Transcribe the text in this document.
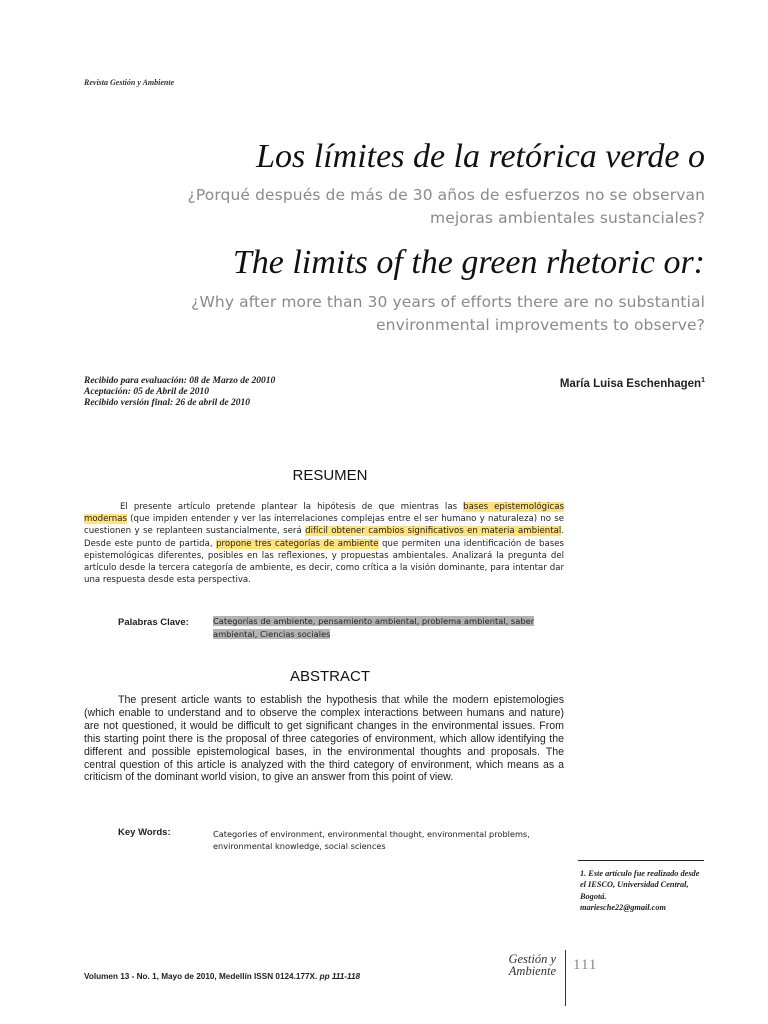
Revista Gestión y Ambiente
Los límites de la retórica verde o
¿Porqué después de más de 30 años de esfuerzos no se observan
mejoras ambientales sustanciales?
The limits of the green rhetoric or:
¿Why after more than 30 years of efforts there are no substantial
environmental improvements to observe?
Recibido para evaluación: 08 de Marzo de 20010
Aceptación: 05 de Abril de 2010
Recibido versión final: 26 de abril de 2010
María Luisa Eschenhagen$^1$
RESUMEN

El presente artículo pretende plantear la hipótesis de que mientras las bases epistemológicas modernas (que impiden entender y ver las interrelaciones complejas entre el ser humano y naturaleza) no se cuestionen y se replanteen sustancialmente, será difícil obtener cambios significativos en materia ambiental. Desde este punto de partida, propone tres categorías de ambiente que permiten una identificación de bases epistemológicas diferentes, posibles en las reflexiones, y propuestas ambientales. Analizará la pregunta del artículo desde la tercera categoría de ambiente, es decir, como crítica a la visión dominante, para intentar dar una respuesta desde esta perspectiva.

Palabras Clave:	Categorías de ambiente, pensamiento ambiental, problema ambiental, saber ambiental, Ciencias sociales
ABSTRACT

The present article wants to establish the hypothesis that while the modern epistemologies (which enable to understand and to observe the complex interactions between humans and nature) are not questioned, it would be difficult to get significant changes in the environmental issues. From this starting point there is the proposal of three categories of environment, which allow identifying the different and possible epistemological bases, in the environmental thoughts and proposals. The central question of this article is analyzed with the third category of environment, which means as a criticism of the dominant world vision, to give an answer from this point of view.

Key Words:	Categories of environment, environmental thought, environmental problems, environmental knowledge, social sciences
1. Este artículo fue realizado desde
el IESCO, Universidad Central,
Bogotá.
mariesche22@gmail.com
Volumen 13 - No. 1, Mayo de 2010, Medellín ISSN 0124.177X. pp 111-118
Gestión y
Ambiente 111
